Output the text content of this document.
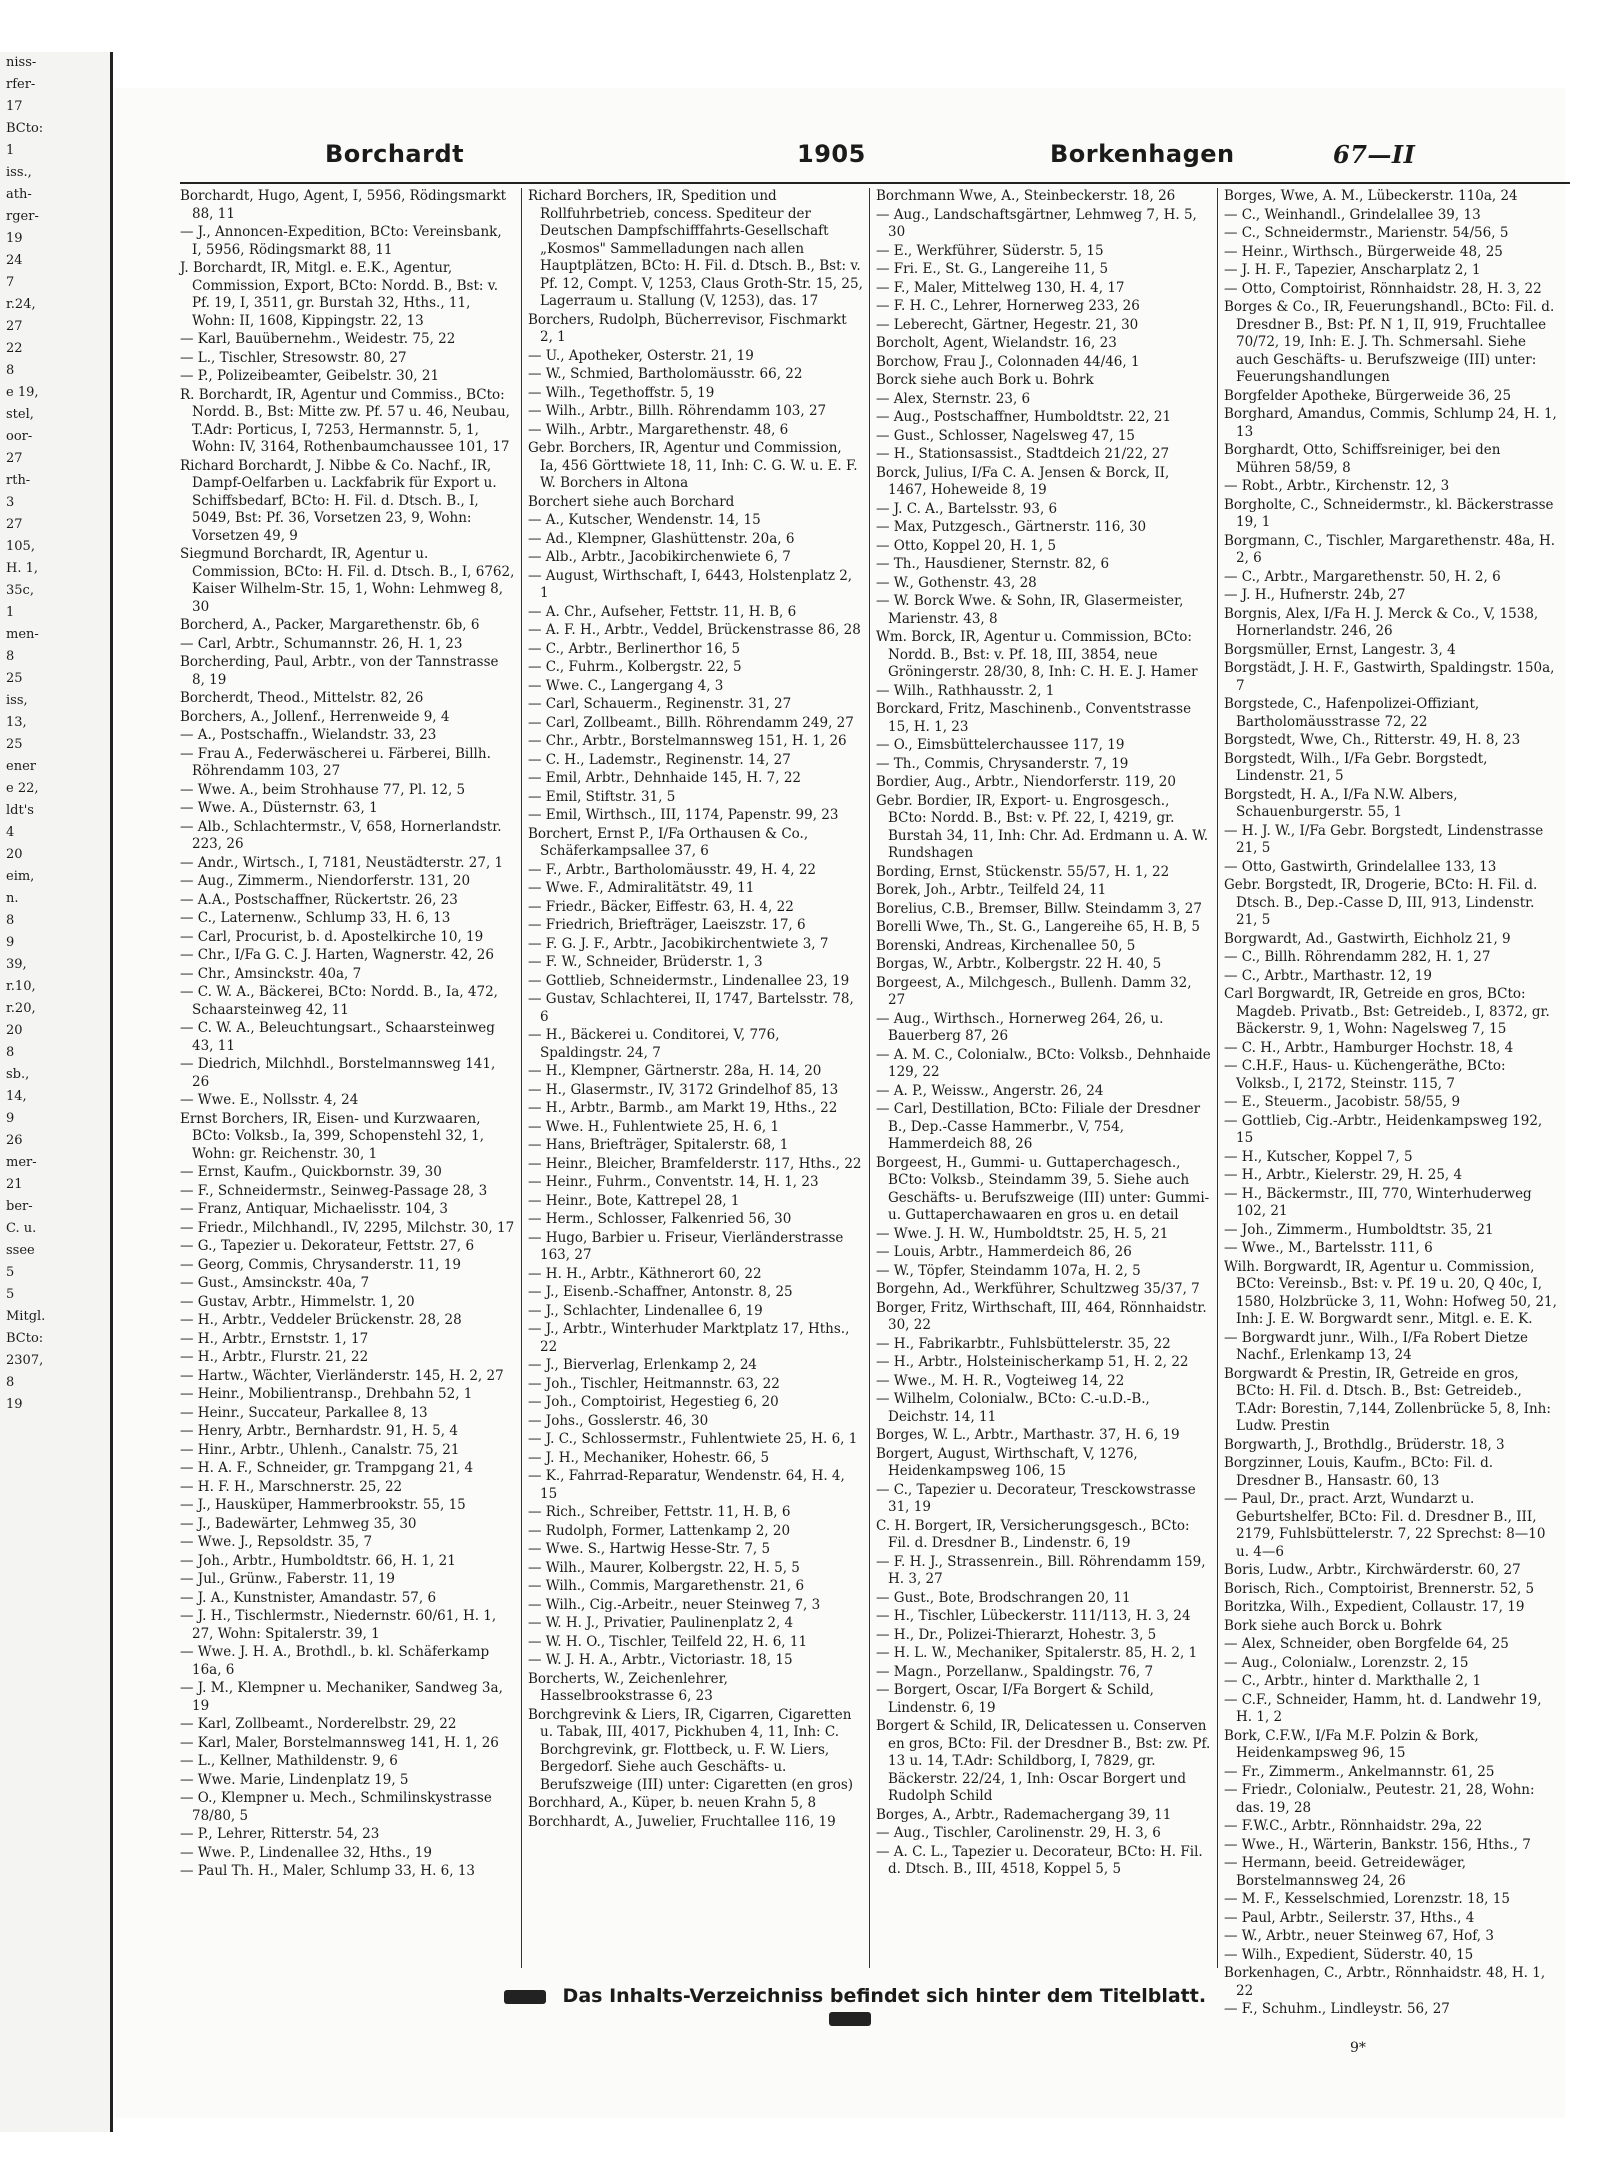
niss-
rfer-
17
BCto:
1
iss.,
ath-
rger-
19
24
7
r.24,
27
22
8
e 19,
stel,
oor-
27
rth-
3
27
105,
H. 1,
35c,
1
men-
8
25
iss,
13,
25
ener
e 22,
ldt's
4
20
eim,
n.
8
9
39,
r.10,
r.20,
20
8
sb.,
14,
9
26
mer-
21
ber-
C. u.
ssee
5
5
Mitgl.
BCto:
2307,
8
19
Borchardt	1905	Borkenhagen	67—II
Borchardt, Hugo, Agent, I, 5956, Rödingsmarkt 88, 11
— J., Annoncen-Expedition, BCto: Vereinsbank, I, 5956, Rödingsmarkt 88, 11
J. Borchardt, IR, Mitgl. e. E.K., Agentur, Commission, Export, BCto: Nordd. B., Bst: v. Pf. 19, I, 3511, gr. Burstah 32, Hths., 11, Wohn: II, 1608, Kippingstr. 22, 13
— Karl, Bauübernehm., Weidestr. 75, 22
— L., Tischler, Stresowstr. 80, 27
— P., Polizeibeamter, Geibelstr. 30, 21
R. Borchardt, IR, Agentur und Commiss., BCto: Nordd. B., Bst: Mitte zw. Pf. 57 u. 46, Neubau, T.Adr: Porticus, I, 7253, Hermannstr. 5, 1, Wohn: IV, 3164, Rothenbaumchaussee 101, 17
Richard Borchardt, J. Nibbe & Co. Nachf., IR, Dampf-Oelfarben u. Lackfabrik für Export u. Schiffsbedarf, BCto: H. Fil. d. Dtsch. B., I, 5049, Bst: Pf. 36, Vorsetzen 23, 9, Wohn: Vorsetzen 49, 9
Siegmund Borchardt, IR, Agentur u. Commission, BCto: H. Fil. d. Dtsch. B., I, 6762, Kaiser Wilhelm-Str. 15, 1, Wohn: Lehmweg 8, 30
Borcherd, A., Packer, Margarethenstr. 6b, 6
— Carl, Arbtr., Schumannstr. 26, H. 1, 23
Borcherding, Paul, Arbtr., von der Tannstrasse 8, 19
Borcherdt, Theod., Mittelstr. 82, 26
Borchers, A., Jollenf., Herrenweide 9, 4
— A., Postschaffn., Wielandstr. 33, 23
— Frau A., Federwäscherei u. Färberei, Billh. Röhrendamm 103, 27
— Wwe. A., beim Strohhause 77, Pl. 12, 5
— Wwe. A., Düsternstr. 63, 1
— Alb., Schlachtermstr., V, 658, Hornerlandstr. 223, 26
— Andr., Wirtsch., I, 7181, Neustädterstr. 27, 1
— Aug., Zimmerm., Niendorferstr. 131, 20
— A.A., Postschaffner, Rückertstr. 26, 23
— C., Laternenw., Schlump 33, H. 6, 13
— Carl, Procurist, b. d. Apostelkirche 10, 19
— Chr., I/Fa G. C. J. Harten, Wagnerstr. 42, 26
— Chr., Amsinckstr. 40a, 7
— C. W. A., Bäckerei, BCto: Nordd. B., Ia, 472, Schaarsteinweg 42, 11
— C. W. A., Beleuchtungsart., Schaarsteinweg 43, 11
— Diedrich, Milchhdl., Borstelmannsweg 141, 26
— Wwe. E., Nollsstr. 4, 24
Ernst Borchers, IR, Eisen- und Kurzwaaren, BCto: Volksb., Ia, 399, Schopenstehl 32, 1, Wohn: gr. Reichenstr. 30, 1
— Ernst, Kaufm., Quickbornstr. 39, 30
— F., Schneidermstr., Seinweg-Passage 28, 3
— Franz, Antiquar, Michaelisstr. 104, 3
— Friedr., Milchhandl., IV, 2295, Milchstr. 30, 17
— G., Tapezier u. Dekorateur, Fettstr. 27, 6
— Georg, Commis, Chrysanderstr. 11, 19
— Gust., Amsinckstr. 40a, 7
— Gustav, Arbtr., Himmelstr. 1, 20
— H., Arbtr., Veddeler Brückenstr. 28, 28
— H., Arbtr., Ernststr. 1, 17
— H., Arbtr., Flurstr. 21, 22
— Hartw., Wächter, Vierländerstr. 145, H. 2, 27
— Heinr., Mobilientransp., Drehbahn 52, 1
— Heinr., Succateur, Parkallee 8, 13
— Henry, Arbtr., Bernhardstr. 91, H. 5, 4
— Hinr., Arbtr., Uhlenh., Canalstr. 75, 21
— H. A. F., Schneider, gr. Trampgang 21, 4
— H. F. H., Marschnerstr. 25, 22
— J., Hausküper, Hammerbrookstr. 55, 15
— J., Badewärter, Lehmweg 35, 30
— Wwe. J., Repsoldstr. 35, 7
— Joh., Arbtr., Humboldtstr. 66, H. 1, 21
— Jul., Grünw., Faberstr. 11, 19
— J. A., Kunstnister, Amandastr. 57, 6
— J. H., Tischlermstr., Niedernstr. 60/61, H. 1, 27, Wohn: Spitalerstr. 39, 1
— Wwe. J. H. A., Brothdl., b. kl. Schäferkamp 16a, 6
— J. M., Klempner u. Mechaniker, Sandweg 3a, 19
— Karl, Zollbeamt., Norderelbstr. 29, 22
— Karl, Maler, Borstelmannsweg 141, H. 1, 26
— L., Kellner, Mathildenstr. 9, 6
— Wwe. Marie, Lindenplatz 19, 5
— O., Klempner u. Mech., Schmilinskystrasse 78/80, 5
— P., Lehrer, Ritterstr. 54, 23
— Wwe. P., Lindenallee 32, Hths., 19
— Paul Th. H., Maler, Schlump 33, H. 6, 13
Richard Borchers, IR, Spedition und Rollfuhrbetrieb, concess. Spediteur der Deutschen Dampfschifffahrts-Gesellschaft „Kosmos" Sammelladungen nach allen Hauptplätzen, BCto: H. Fil. d. Dtsch. B., Bst: v. Pf. 12, Compt. V, 1253, Claus Groth-Str. 15, 25, Lagerraum u. Stallung (V, 1253), das. 17
Borchers, Rudolph, Bücherrevisor, Fischmarkt 2, 1
— U., Apotheker, Osterstr. 21, 19
— W., Schmied, Bartholomäusstr. 66, 22
— Wilh., Tegethoffstr. 5, 19
— Wilh., Arbtr., Billh. Röhrendamm 103, 27
— Wilh., Arbtr., Margarethenstr. 48, 6
Gebr. Borchers, IR, Agentur und Commission, Ia, 456 Görttwiete 18, 11, Inh: C. G. W. u. E. F. W. Borchers in Altona
Borchert siehe auch Borchard
— A., Kutscher, Wendenstr. 14, 15
— Ad., Klempner, Glashüttenstr. 20a, 6
— Alb., Arbtr., Jacobikirchenwiete 6, 7
— August, Wirthschaft, I, 6443, Holstenplatz 2, 1
— A. Chr., Aufseher, Fettstr. 11, H. B, 6
— A. F. H., Arbtr., Veddel, Brückenstrasse 86, 28
— C., Arbtr., Berlinerthor 16, 5
— C., Fuhrm., Kolbergstr. 22, 5
— Wwe. C., Langergang 4, 3
— Carl, Schauerm., Reginenstr. 31, 27
— Carl, Zollbeamt., Billh. Röhrendamm 249, 27
— Chr., Arbtr., Borstelmannsweg 151, H. 1, 26
— C. H., Lademstr., Reginenstr. 14, 27
— Emil, Arbtr., Dehnhaide 145, H. 7, 22
— Emil, Stiftstr. 31, 5
— Emil, Wirthsch., III, 1174, Papenstr. 99, 23
Borchert, Ernst P., I/Fa Orthausen & Co., Schäferkampsallee 37, 6
— F., Arbtr., Bartholomäusstr. 49, H. 4, 22
— Wwe. F., Admiralitätstr. 49, 11
— Friedr., Bäcker, Eiffestr. 63, H. 4, 22
— Friedrich, Briefträger, Laeiszstr. 17, 6
— F. G. J. F., Arbtr., Jacobikirchentwiete 3, 7
— F. W., Schneider, Brüderstr. 1, 3
— Gottlieb, Schneidermstr., Lindenallee 23, 19
— Gustav, Schlachterei, II, 1747, Bartelsstr. 78, 6
— H., Bäckerei u. Conditorei, V, 776, Spaldingstr. 24, 7
— H., Klempner, Gärtnerstr. 28a, H. 14, 20
— H., Glasermstr., IV, 3172 Grindelhof 85, 13
— H., Arbtr., Barmb., am Markt 19, Hths., 22
— Wwe. H., Fuhlentwiete 25, H. 6, 1
— Hans, Briefträger, Spitalerstr. 68, 1
— Heinr., Bleicher, Bramfelderstr. 117, Hths., 22
— Heinr., Fuhrm., Conventstr. 14, H. 1, 23
— Heinr., Bote, Kattrepel 28, 1
— Herm., Schlosser, Falkenried 56, 30
— Hugo, Barbier u. Friseur, Vierländerstrasse 163, 27
— H. H., Arbtr., Käthnerort 60, 22
— J., Eisenb.-Schaffner, Antonstr. 8, 25
— J., Schlachter, Lindenallee 6, 19
— J., Arbtr., Winterhuder Marktplatz 17, Hths., 22
— J., Bierverlag, Erlenkamp 2, 24
— Joh., Tischler, Heitmannstr. 63, 22
— Joh., Comptoirist, Hegestieg 6, 20
— Johs., Gosslerstr. 46, 30
— J. C., Schlossermstr., Fuhlentwiete 25, H. 6, 1
— J. H., Mechaniker, Hohestr. 66, 5
— K., Fahrrad-Reparatur, Wendenstr. 64, H. 4, 15
— Rich., Schreiber, Fettstr. 11, H. B, 6
— Rudolph, Former, Lattenkamp 2, 20
— Wwe. S., Hartwig Hesse-Str. 7, 5
— Wilh., Maurer, Kolbergstr. 22, H. 5, 5
— Wilh., Commis, Margarethenstr. 21, 6
— Wilh., Cig.-Arbeitr., neuer Steinweg 7, 3
— W. H. J., Privatier, Paulinenplatz 2, 4
— W. H. O., Tischler, Teilfeld 22, H. 6, 11
— W. J. H. A., Arbtr., Victoriastr. 18, 15
Borcherts, W., Zeichenlehrer, Hasselbrookstrasse 6, 23
Borchgrevink & Liers, IR, Cigarren, Cigaretten u. Tabak, III, 4017, Pickhuben 4, 11, Inh: C. Borchgrevink, gr. Flottbeck, u. F. W. Liers, Bergedorf. Siehe auch Geschäfts- u. Berufszweige (III) unter: Cigaretten (en gros)
Borchhard, A., Küper, b. neuen Krahn 5, 8
Borchhardt, A., Juwelier, Fruchtallee 116, 19
Borchmann Wwe, A., Steinbeckerstr. 18, 26
— Aug., Landschaftsgärtner, Lehmweg 7, H. 5, 30
— E., Werkführer, Süderstr. 5, 15
— Fri. E., St. G., Langereihe 11, 5
— F., Maler, Mittelweg 130, H. 4, 17
— F. H. C., Lehrer, Hornerweg 233, 26
— Leberecht, Gärtner, Hegestr. 21, 30
Borcholt, Agent, Wielandstr. 16, 23
Borchow, Frau J., Colonnaden 44/46, 1
Borck siehe auch Bork u. Bohrk
— Alex, Sternstr. 23, 6
— Aug., Postschaffner, Humboldtstr. 22, 21
— Gust., Schlosser, Nagelsweg 47, 15
— H., Stationsassist., Stadtdeich 21/22, 27
Borck, Julius, I/Fa C. A. Jensen & Borck, II, 1467, Hoheweide 8, 19
— J. C. A., Bartelsstr. 93, 6
— Max, Putzgesch., Gärtnerstr. 116, 30
— Otto, Koppel 20, H. 1, 5
— Th., Hausdiener, Sternstr. 82, 6
— W., Gothenstr. 43, 28
— W. Borck Wwe. & Sohn, IR, Glasermeister, Marienstr. 43, 8
Wm. Borck, IR, Agentur u. Commission, BCto: Nordd. B., Bst: v. Pf. 18, III, 3854, neue Gröningerstr. 28/30, 8, Inh: C. H. E. J. Hamer
— Wilh., Rathhausstr. 2, 1
Borckard, Fritz, Maschinenb., Conventstrasse 15, H. 1, 23
— O., Eimsbüttelerchaussee 117, 19
— Th., Commis, Chrysanderstr. 7, 19
Bordier, Aug., Arbtr., Niendorferstr. 119, 20
Gebr. Bordier, IR, Export- u. Engrosgesch., BCto: Nordd. B., Bst: v. Pf. 22, I, 4219, gr. Burstah 34, 11, Inh: Chr. Ad. Erdmann u. A. W. Rundshagen
Bording, Ernst, Stückenstr. 55/57, H. 1, 22
Borek, Joh., Arbtr., Teilfeld 24, 11
Borelius, C.B., Bremser, Billw. Steindamm 3, 27
Borelli Wwe, Th., St. G., Langereihe 65, H. B, 5
Borenski, Andreas, Kirchenallee 50, 5
Borgas, W., Arbtr., Kolbergstr. 22 H. 40, 5
Borgeest, A., Milchgesch., Bullenh. Damm 32, 27
— Aug., Wirthsch., Hornerweg 264, 26, u. Bauerberg 87, 26
— A. M. C., Colonialw., BCto: Volksb., Dehnhaide 129, 22
— A. P., Weissw., Angerstr. 26, 24
— Carl, Destillation, BCto: Filiale der Dresdner B., Dep.-Casse Hammerbr., V, 754, Hammerdeich 88, 26
Borgeest, H., Gummi- u. Guttaperchagesch., BCto: Volksb., Steindamm 39, 5. Siehe auch Geschäfts- u. Berufszweige (III) unter: Gummi- u. Guttaperchawaaren en gros u. en detail
— Wwe. J. H. W., Humboldtstr. 25, H. 5, 21
— Louis, Arbtr., Hammerdeich 86, 26
— W., Töpfer, Steindamm 107a, H. 2, 5
Borgehn, Ad., Werkführer, Schultzweg 35/37, 7
Borger, Fritz, Wirthschaft, III, 464, Rönnhaidstr. 30, 22
— H., Fabrikarbtr., Fuhlsbüttelerstr. 35, 22
— H., Arbtr., Holsteinischerkamp 51, H. 2, 22
— Wwe., M. H. R., Vogteiweg 14, 22
— Wilhelm, Colonialw., BCto: C.-u.D.-B., Deichstr. 14, 11
Borges, W. L., Arbtr., Marthastr. 37, H. 6, 19
Borgert, August, Wirthschaft, V, 1276, Heidenkampsweg 106, 15
— C., Tapezier u. Decorateur, Tresckowstrasse 31, 19
C. H. Borgert, IR, Versicherungsgesch., BCto: Fil. d. Dresdner B., Lindenstr. 6, 19
— F. H. J., Strassenrein., Bill. Röhrendamm 159, H. 3, 27
— Gust., Bote, Brodschrangen 20, 11
— H., Tischler, Lübeckerstr. 111/113, H. 3, 24
— H., Dr., Polizei-Thierarzt, Hohestr. 3, 5
— H. L. W., Mechaniker, Spitalerstr. 85, H. 2, 1
— Magn., Porzellanw., Spaldingstr. 76, 7
— Borgert, Oscar, I/Fa Borgert & Schild, Lindenstr. 6, 19
Borgert & Schild, IR, Delicatessen u. Conserven en gros, BCto: Fil. der Dresdner B., Bst: zw. Pf. 13 u. 14, T.Adr: Schildborg, I, 7829, gr. Bäckerstr. 22/24, 1, Inh: Oscar Borgert und Rudolph Schild
Borges, A., Arbtr., Rademachergang 39, 11
— Aug., Tischler, Carolinenstr. 29, H. 3, 6
— A. C. L., Tapezier u. Decorateur, BCto: H. Fil. d. Dtsch. B., III, 4518, Koppel 5, 5
Borges, Wwe, A. M., Lübeckerstr. 110a, 24
— C., Weinhandl., Grindelallee 39, 13
— C., Schneidermstr., Marienstr. 54/56, 5
— Heinr., Wirthsch., Bürgerweide 48, 25
— J. H. F., Tapezier, Anscharplatz 2, 1
— Otto, Comptoirist, Rönnhaidstr. 28, H. 3, 22
Borges & Co., IR, Feuerungshandl., BCto: Fil. d. Dresdner B., Bst: Pf. N 1, II, 919, Fruchtallee 70/72, 19, Inh: E. J. Th. Schmersahl. Siehe auch Geschäfts- u. Berufszweige (III) unter: Feuerungshandlungen
Borgfelder Apotheke, Bürgerweide 36, 25
Borghard, Amandus, Commis, Schlump 24, H. 1, 13
Borghardt, Otto, Schiffsreiniger, bei den Mühren 58/59, 8
— Robt., Arbtr., Kirchenstr. 12, 3
Borgholte, C., Schneidermstr., kl. Bäckerstrasse 19, 1
Borgmann, C., Tischler, Margarethenstr. 48a, H. 2, 6
— C., Arbtr., Margarethenstr. 50, H. 2, 6
— J. H., Hufnerstr. 24b, 27
Borgnis, Alex, I/Fa H. J. Merck & Co., V, 1538, Hornerlandstr. 246, 26
Borgsmüller, Ernst, Langestr. 3, 4
Borgstädt, J. H. F., Gastwirth, Spaldingstr. 150a, 7
Borgstede, C., Hafenpolizei-Offiziant, Bartholomäusstrasse 72, 22
Borgstedt, Wwe, Ch., Ritterstr. 49, H. 8, 23
Borgstedt, Wilh., I/Fa Gebr. Borgstedt, Lindenstr. 21, 5
Borgstedt, H. A., I/Fa N.W. Albers, Schauenburgerstr. 55, 1
— H. J. W., I/Fa Gebr. Borgstedt, Lindenstrasse 21, 5
— Otto, Gastwirth, Grindelallee 133, 13
Gebr. Borgstedt, IR, Drogerie, BCto: H. Fil. d. Dtsch. B., Dep.-Casse D, III, 913, Lindenstr. 21, 5
Borgwardt, Ad., Gastwirth, Eichholz 21, 9
— C., Billh. Röhrendamm 282, H. 1, 27
— C., Arbtr., Marthastr. 12, 19
Carl Borgwardt, IR, Getreide en gros, BCto: Magdeb. Privatb., Bst: Getreideb., I, 8372, gr. Bäckerstr. 9, 1, Wohn: Nagelsweg 7, 15
— C. H., Arbtr., Hamburger Hochstr. 18, 4
— C.H.F., Haus- u. Küchengeräthe, BCto: Volksb., I, 2172, Steinstr. 115, 7
— E., Steuerm., Jacobistr. 58/55, 9
— Gottlieb, Cig.-Arbtr., Heidenkampsweg 192, 15
— H., Kutscher, Koppel 7, 5
— H., Arbtr., Kielerstr. 29, H. 25, 4
— H., Bäckermstr., III, 770, Winterhuderweg 102, 21
— Joh., Zimmerm., Humboldtstr. 35, 21
— Wwe., M., Bartelsstr. 111, 6
Wilh. Borgwardt, IR, Agentur u. Commission, BCto: Vereinsb., Bst: v. Pf. 19 u. 20, Q 40c, I, 1580, Holzbrücke 3, 11, Wohn: Hofweg 50, 21, Inh: J. E. W. Borgwardt senr., Mitgl. e. E. K.
— Borgwardt junr., Wilh., I/Fa Robert Dietze Nachf., Erlenkamp 13, 24
Borgwardt & Prestin, IR, Getreide en gros, BCto: H. Fil. d. Dtsch. B., Bst: Getreideb., T.Adr: Borestin, 7,144, Zollenbrücke 5, 8, Inh: Ludw. Prestin
Borgwarth, J., Brothdlg., Brüderstr. 18, 3
Borgzinner, Louis, Kaufm., BCto: Fil. d. Dresdner B., Hansastr. 60, 13
— Paul, Dr., pract. Arzt, Wundarzt u. Geburtshelfer, BCto: Fil. d. Dresdner B., III, 2179, Fuhlsbüttelerstr. 7, 22 Sprechst: 8—10 u. 4—6
Boris, Ludw., Arbtr., Kirchwärderstr. 60, 27
Borisch, Rich., Comptoirist, Brennerstr. 52, 5
Boritzka, Wilh., Expedient, Collaustr. 17, 19
Bork siehe auch Borck u. Bohrk
— Alex, Schneider, oben Borgfelde 64, 25
— Aug., Colonialw., Lorenzstr. 2, 15
— C., Arbtr., hinter d. Markthalle 2, 1
— C.F., Schneider, Hamm, ht. d. Landwehr 19, H. 1, 2
Bork, C.F.W., I/Fa M.F. Polzin & Bork, Heidenkampsweg 96, 15
— Fr., Zimmerm., Ankelmannstr. 61, 25
— Friedr., Colonialw., Peutestr. 21, 28, Wohn: das. 19, 28
— F.W.C., Arbtr., Rönnhaidstr. 29a, 22
— Wwe., H., Wärterin, Bankstr. 156, Hths., 7
— Hermann, beeid. Getreidewäger, Borstelmannsweg 24, 26
— M. F., Kesselschmied, Lorenzstr. 18, 15
— Paul, Arbtr., Seilerstr. 37, Hths., 4
— W., Arbtr., neuer Steinweg 67, Hof, 3
— Wilh., Expedient, Süderstr. 40, 15
Borkenhagen, C., Arbtr., Rönnhaidstr. 48, H. 1, 22
— F., Schuhm., Lindleystr. 56, 27
Das Inhalts-Verzeichniss befindet sich hinter dem Titelblatt.
9*
